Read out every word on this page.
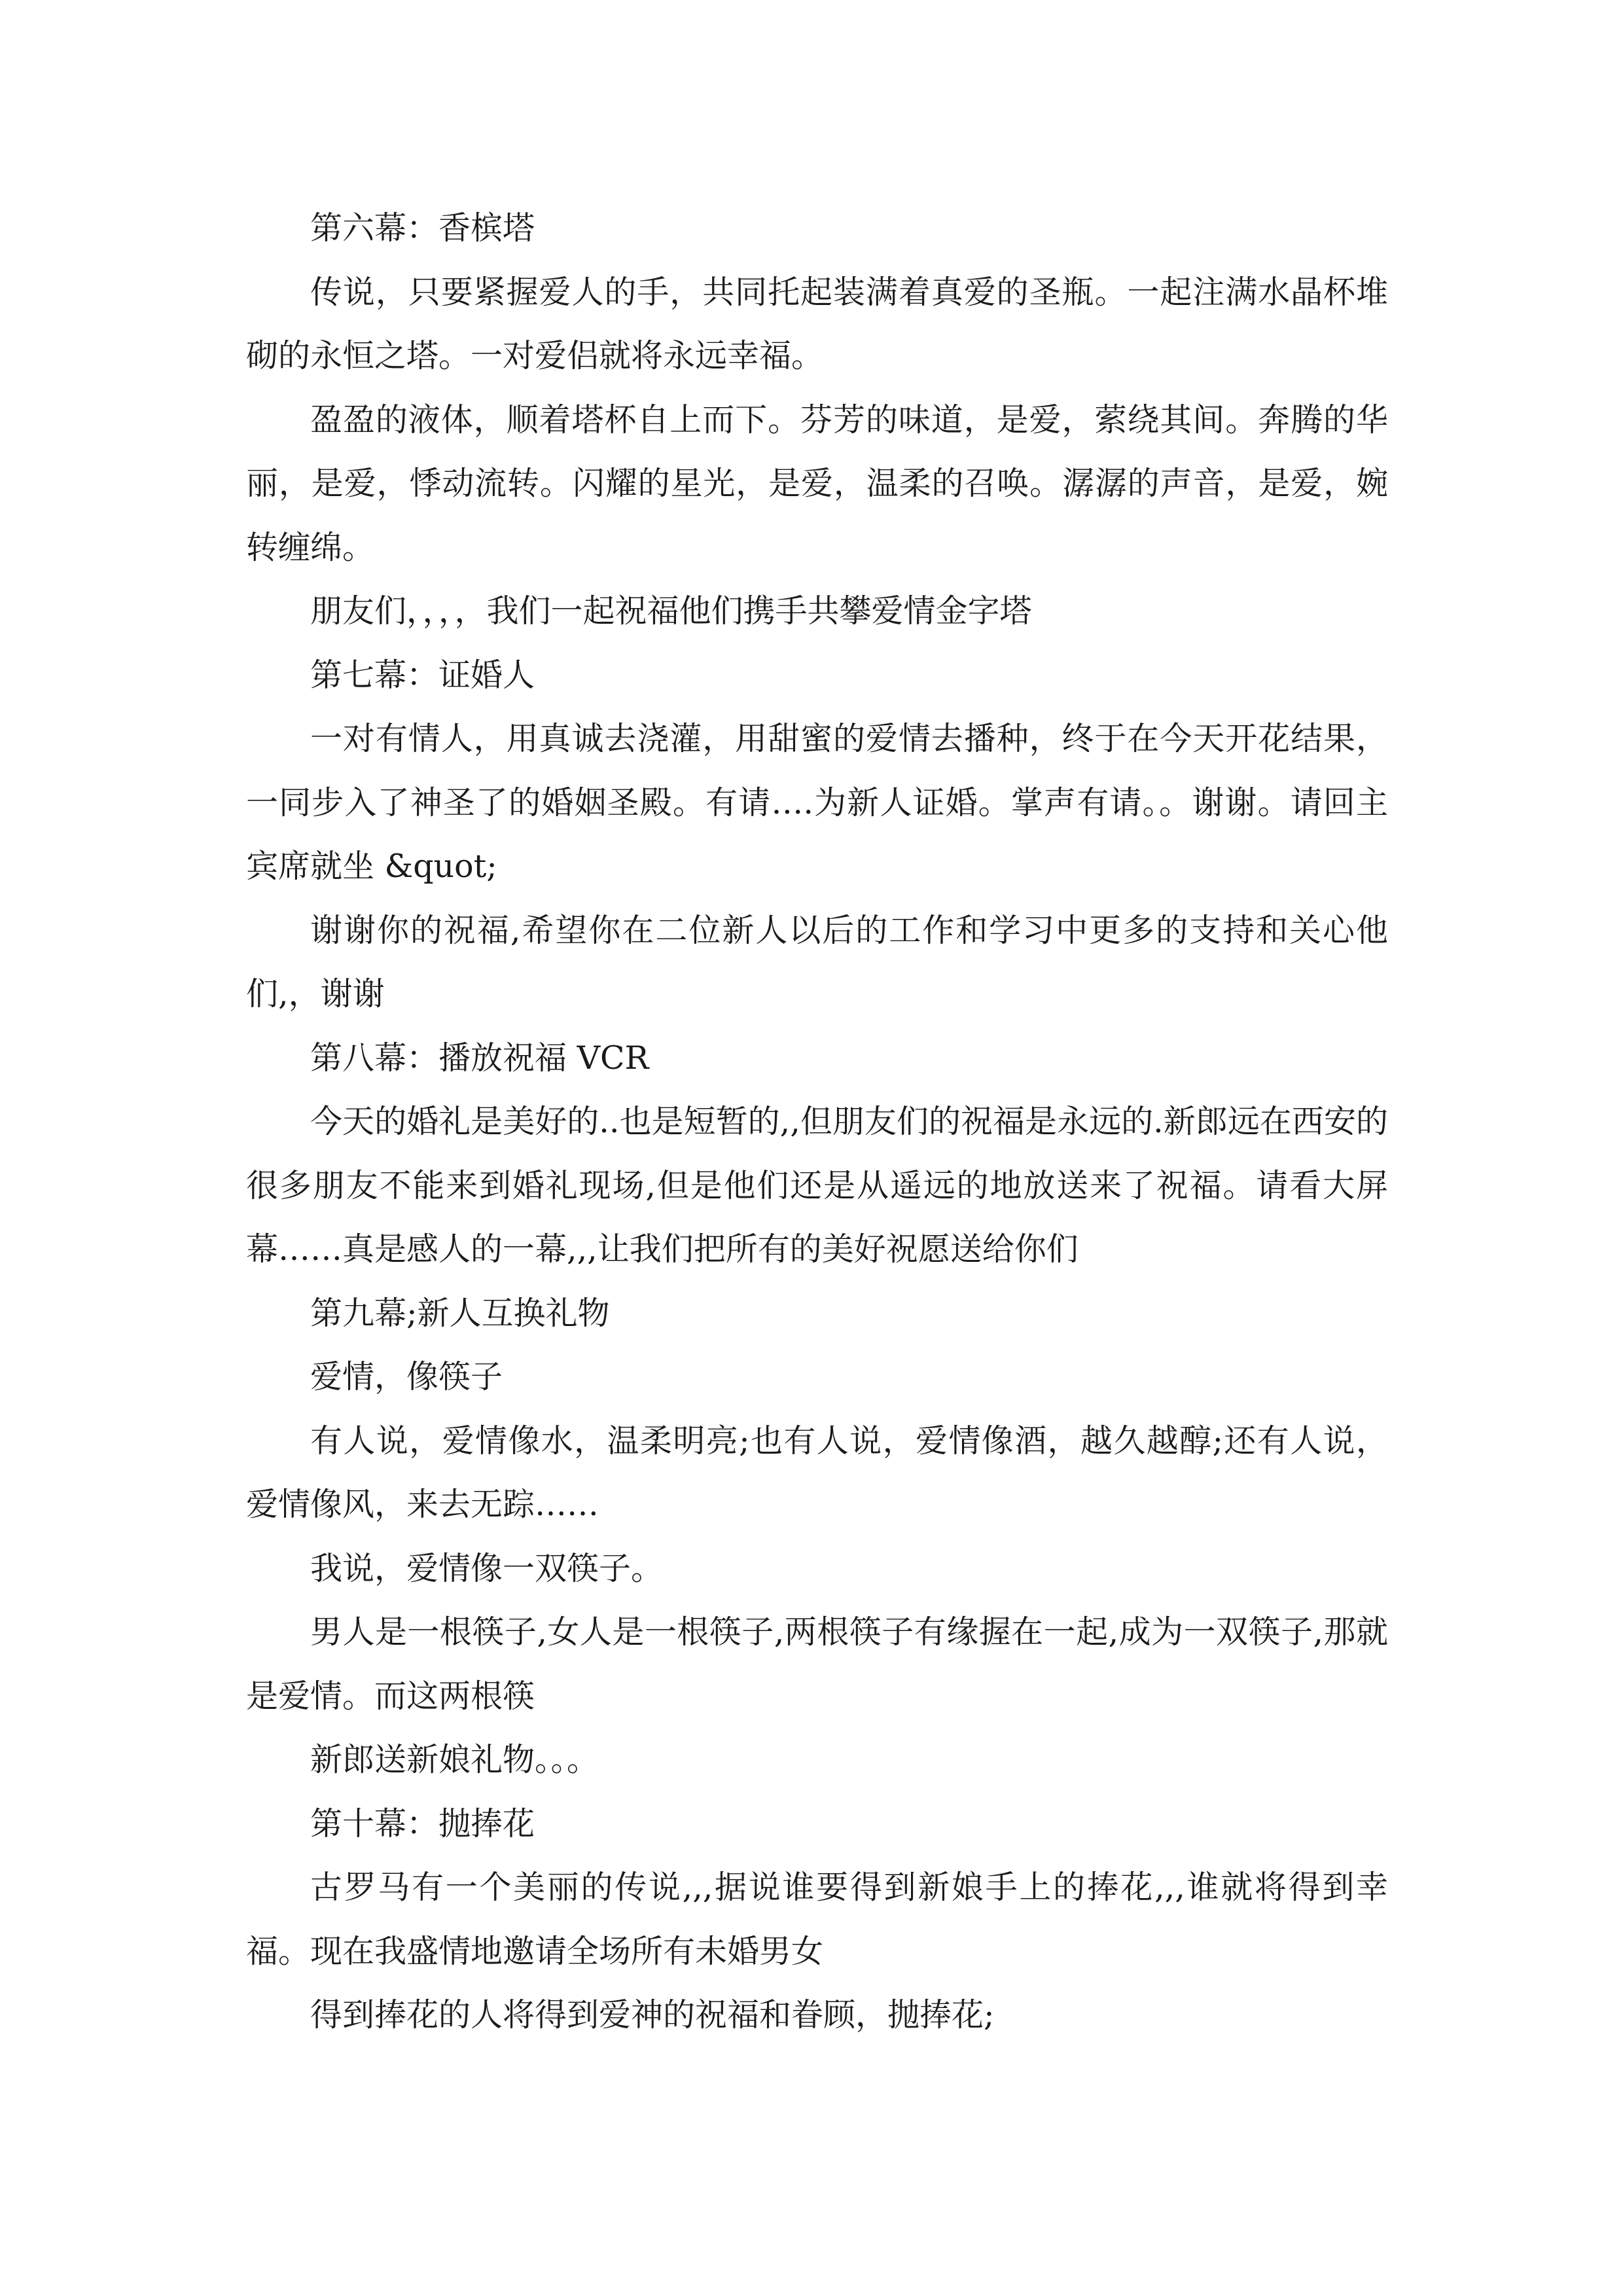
第六幕：香槟塔

传说，只要紧握爱人的手，共同托起装满着真爱的圣瓶。一起注满水晶杯堆砌的永恒之塔。一对爱侣就将永远幸福。

盈盈的液体，顺着塔杯自上而下。芬芳的味道，是爱，萦绕其间。奔腾的华丽，是爱，悸动流转。闪耀的星光，是爱，温柔的召唤。潺潺的声音，是爱，婉转缠绵。

朋友们，，，，我们一起祝福他们携手共攀爱情金字塔

第七幕：证婚人

一对有情人，用真诚去浇灌，用甜蜜的爱情去播种，终于在今天开花结果，一同步入了神圣了的婚姻圣殿。有请….为新人证婚。掌声有请。。谢谢。请回主宾席就坐 &quot;

谢谢你的祝福,希望你在二位新人以后的工作和学习中更多的支持和关心他们,，谢谢

第八幕：播放祝福 VCR

今天的婚礼是美好的..也是短暂的,,但朋友们的祝福是永远的.新郎远在西安的很多朋友不能来到婚礼现场,但是他们还是从遥远的地放送来了祝福。请看大屏幕……真是感人的一幕,,,让我们把所有的美好祝愿送给你们

第九幕;新人互换礼物

爱情，像筷子

有人说，爱情像水，温柔明亮;也有人说，爱情像酒，越久越醇;还有人说，爱情像风，来去无踪……

我说，爱情像一双筷子。

男人是一根筷子,女人是一根筷子,两根筷子有缘握在一起,成为一双筷子,那就是爱情。而这两根筷

新郎送新娘礼物。。。

第十幕：抛捧花

古罗马有一个美丽的传说,,,据说谁要得到新娘手上的捧花,,,谁就将得到幸福。现在我盛情地邀请全场所有未婚男女

得到捧花的人将得到爱神的祝福和眷顾，抛捧花;
